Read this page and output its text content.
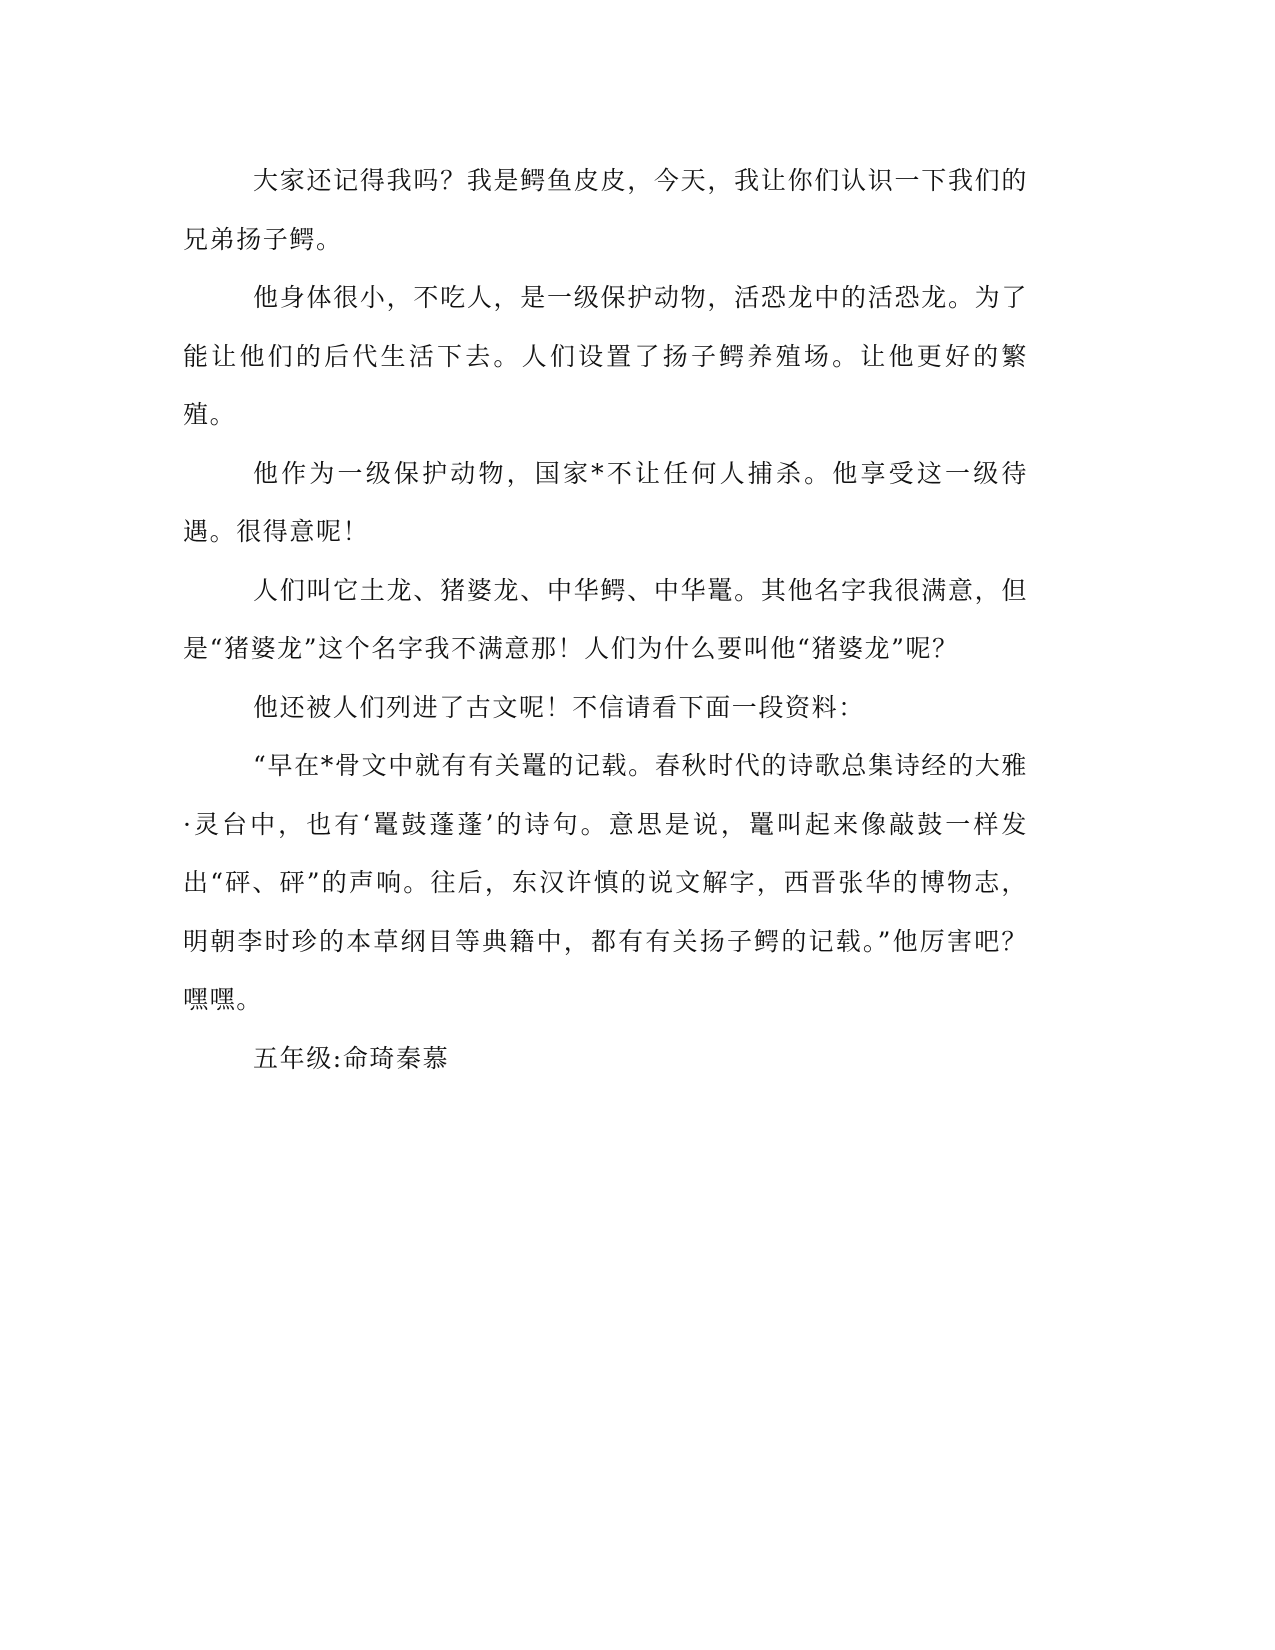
大家还记得我吗？我是鳄鱼皮皮，今天，我让你们认识一下我们的兄弟扬子鳄。

他身体很小，不吃人，是一级保护动物，活恐龙中的活恐龙。为了能让他们的后代生活下去。人们设置了扬子鳄养殖场。让他更好的繁殖。

他作为一级保护动物，国家*不让任何人捕杀。他享受这一级待遇。很得意呢！

人们叫它土龙、猪婆龙、中华鳄、中华鼍。其他名字我很满意，但是“猪婆龙”这个名字我不满意那！人们为什么要叫他“猪婆龙”呢？

他还被人们列进了古文呢！不信请看下面一段资料：

“早在*骨文中就有有关鼍的记载。春秋时代的诗歌总集诗经的大雅·灵台中，也有‘鼍鼓蓬蓬’的诗句。意思是说，鼍叫起来像敲鼓一样发出“砰、砰”的声响。往后，东汉许慎的说文解字，西晋张华的博物志，明朝李时珍的本草纲目等典籍中，都有有关扬子鳄的记载。”他厉害吧？嘿嘿。

五年级:命琦秦慕
